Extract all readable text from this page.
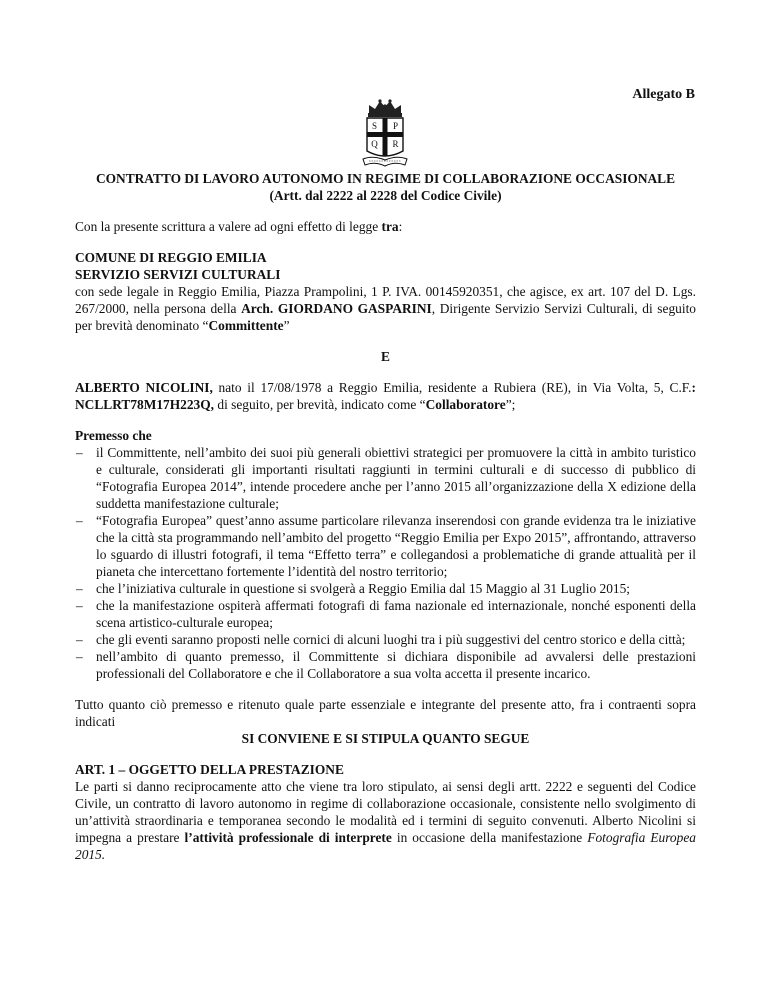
Allegato B
S P
Q R

CONTRATTO DI LAVORO AUTONOMO IN REGIME DI COLLABORAZIONE OCCASIONALE

(Artt. dal 2222 al 2228 del Codice Civile)

Con la presente scrittura a valere ad ogni effetto di legge tra:

COMUNE DI REGGIO EMILIA

SERVIZIO SERVIZI CULTURALI

con sede legale in Reggio Emilia, Piazza Prampolini, 1 P. IVA. 00145920351, che agisce, ex art. 107 del D. Lgs. 267/2000, nella persona della Arch. GIORDANO GASPARINI, Dirigente Servizio Servizi Culturali, di seguito per brevità denominato “Committente”

E

ALBERTO NICOLINI, nato il 17/08/1978 a Reggio Emilia, residente a Rubiera (RE), in Via Volta, 5, C.F.: NCLLRT78M17H223Q, di seguito, per brevità, indicato come “Collaboratore”;

Premesso che

– il Committente, nell’ambito dei suoi più generali obiettivi strategici per promuovere la città in ambito turistico e culturale, considerati gli importanti risultati raggiunti in termini culturali e di successo di pubblico di “Fotografia Europea 2014”, intende procedere anche per l’anno 2015 all’organizzazione della X edizione della suddetta manifestazione culturale;
– “Fotografia Europea” quest’anno assume particolare rilevanza inserendosi con grande evidenza tra le iniziative che la città sta programmando nell’ambito del progetto “Reggio Emilia per Expo 2015”, affrontando, attraverso lo sguardo di illustri fotografi, il tema “Effetto terra” e collegandosi a problematiche di grande attualità per il pianeta che intercettano fortemente l’identità del nostro territorio;
– che l’iniziativa culturale in questione si svolgerà a Reggio Emilia dal 15 Maggio al 31 Luglio 2015;
– che la manifestazione ospiterà affermati fotografi di fama nazionale ed internazionale, nonché esponenti della scena artistico-culturale europea;
– che gli eventi saranno proposti nelle cornici di alcuni luoghi tra i più suggestivi del centro storico e della città;
– nell’ambito di quanto premesso, il Committente si dichiara disponibile ad avvalersi delle prestazioni professionali del Collaboratore e che il Collaboratore a sua volta accetta il presente incarico.

Tutto quanto ciò premesso e ritenuto quale parte essenziale e integrante del presente atto, fra i contraenti sopra indicati

SI CONVIENE E SI STIPULA QUANTO SEGUE

ART. 1 – OGGETTO DELLA PRESTAZIONE

Le parti si danno reciprocamente atto che viene tra loro stipulato, ai sensi degli artt. 2222 e seguenti del Codice Civile, un contratto di lavoro autonomo in regime di collaborazione occasionale, consistente nello svolgimento di un’attività straordinaria e temporanea secondo le modalità ed i termini di seguito convenuti. Alberto Nicolini si impegna a prestare l’attività professionale di interprete in occasione della manifestazione Fotografia Europea 2015.
